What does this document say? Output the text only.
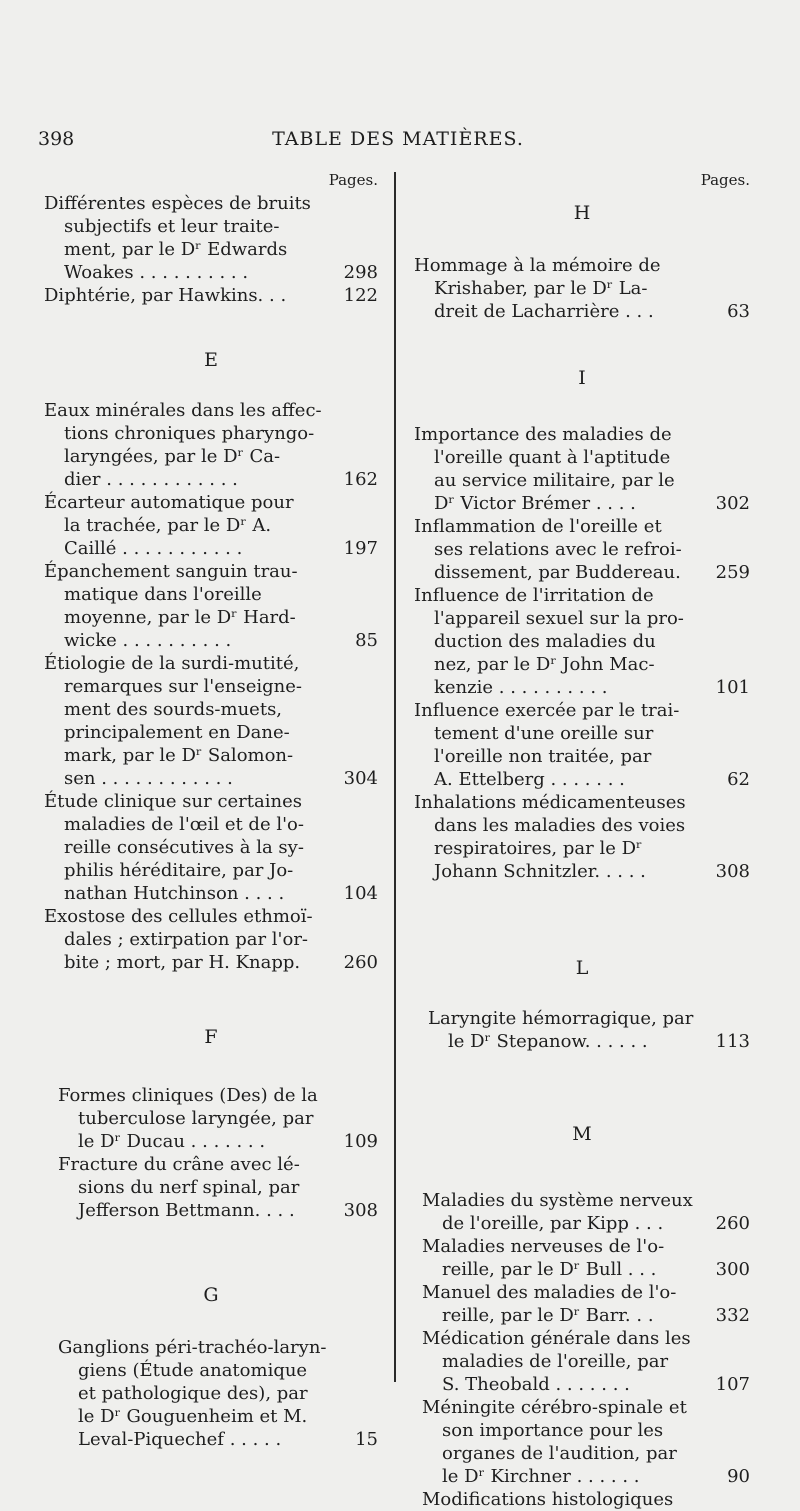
398	TABLE DES MATIÈRES.
Pages.
Différentes espèces de bruits
subjectifs et leur traite-
ment, par le Dʳ Edwards
Woakes . . . . . . . . . .	298
Diphtérie, par Hawkins. . .	122
E
Eaux minérales dans les affec-
tions chroniques pharyngo-
laryngées, par le Dʳ Ca-
dier . . . . . . . . . . . .	162
Écarteur automatique pour
la trachée, par le Dʳ A.
Caillé . . . . . . . . . . .	197
Épanchement sanguin trau-
matique dans l'oreille
moyenne, par le Dʳ Hard-
wicke . . . . . . . . . .	85
Étiologie de la surdi-mutité,
remarques sur l'enseigne-
ment des sourds-muets,
principalement en Dane-
mark, par le Dʳ Salomon-
sen . . . . . . . . . . . .	304
Étude clinique sur certaines
maladies de l'œil et de l'o-
reille consécutives à la sy-
philis héréditaire, par Jo-
nathan Hutchinson . . . .	104
Exostose des cellules ethmoï-
dales ; extirpation par l'or-
bite ; mort, par H. Knapp.	260
F
Formes cliniques (Des) de la
tuberculose laryngée, par
le Dʳ Ducau . . . . . . .	109
Fracture du crâne avec lé-
sions du nerf spinal, par
Jefferson Bettmann. . . .	308
G
Ganglions péri-trachéo-laryn-
giens (Étude anatomique
et pathologique des), par
le Dʳ Gouguenheim et M.
Leval-Piquechef . . . . .	15
Pages.
H
Hommage à la mémoire de
Krishaber, par le Dʳ La-
dreit de Lacharrière . . .	63
I
Importance des maladies de
l'oreille quant à l'aptitude
au service militaire, par le
Dʳ Victor Brémer . . . .	302
Inflammation de l'oreille et
ses relations avec le refroi-
dissement, par Buddereau.	259
Influence de l'irritation de
l'appareil sexuel sur la pro-
duction des maladies du
nez, par le Dʳ John Mac-
kenzie . . . . . . . . . .	101
Influence exercée par le trai-
tement d'une oreille sur
l'oreille non traitée, par
A. Ettelberg . . . . . . .	62
Inhalations médicamenteuses
dans les maladies des voies
respiratoires, par le Dʳ
Johann Schnitzler. . . . .	308
L
Laryngite hémorragique, par
le Dʳ Stepanow. . . . . .	113
M
Maladies du système nerveux
de l'oreille, par Kipp . . .	260
Maladies nerveuses de l'o-
reille, par le Dʳ Bull . . .	300
Manuel des maladies de l'o-
reille, par le Dʳ Barr. . .	332
Médication générale dans les
maladies de l'oreille, par
S. Theobald . . . . . . .	107
Méningite cérébro-spinale et
son importance pour les
organes de l'audition, par
le Dʳ Kirchner . . . . . .	90
Modifications histologiques
